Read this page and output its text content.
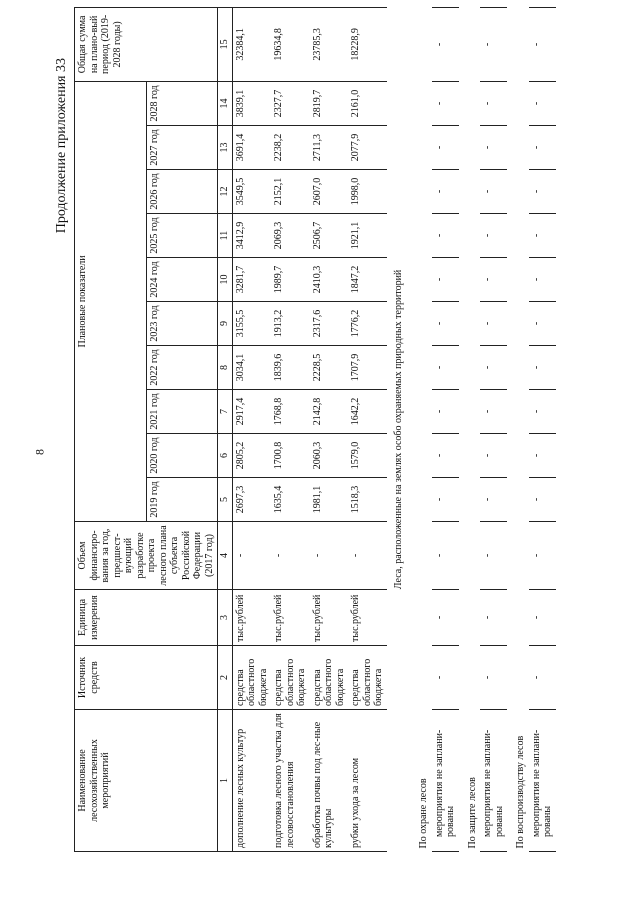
8
Продолжение приложения 33
Наименование лесохозяйственных мероприятий	Источник средств	Единица измерения	Объем финансиро-вания за год, предшест-вующий разработке проекта лесного плана субъекта Российской Федерации (2017 год)	Плановые показатели										Общая сумма на плано-вый период (2019-2028 годы)
				2019 год	2020 год	2021 год	2022 год	2023 год	2024 год	2025 год	2026 год	2027 год	2028 год	
1	2	3	4	5	6	7	8	9	10	11	12	13	14	15
дополнение лесных культур	средства областного бюджета	тыс.рублей	-	2697,3	2805,2	2917,4	3034,1	3155,5	3281,7	3412,9	3549,5	3691,4	3839,1	32384,1
подготовка лесного участка для лесовосстановления	средства областного бюджета	тыс.рублей	-	1635,4	1700,8	1768,8	1839,6	1913,2	1989,7	2069,3	2152,1	2238,2	2327,7	19634,8
обработка почвы под лес-ные культуры	средства областного бюджета	тыс.рублей	-	1981,1	2060,3	2142,8	2228,5	2317,6	2410,3	2506,7	2607,0	2711,3	2819,7	23785,3
рубки ухода за лесом	средства областного бюджета	тыс.рублей	-	1518,3	1579,0	1642,2	1707,9	1776,2	1847,2	1921,1	1998,0	2077,9	2161,0	18228,9
Леса, расположенные на землях особо охраняемых природных территорий														
По охране лесов														
мероприятия не заплани-рованы	-	-	-	-	-	-	-	-	-	-	-	-	-	-
По защите лесов														
мероприятия не заплани-рованы	-	-	-	-	-	-	-	-	-	-	-	-	-	-
По воспроизводству лесов														
мероприятия не заплани-рованы	-	-	-	-	-	-	-	-	-	-	-	-	-	-
